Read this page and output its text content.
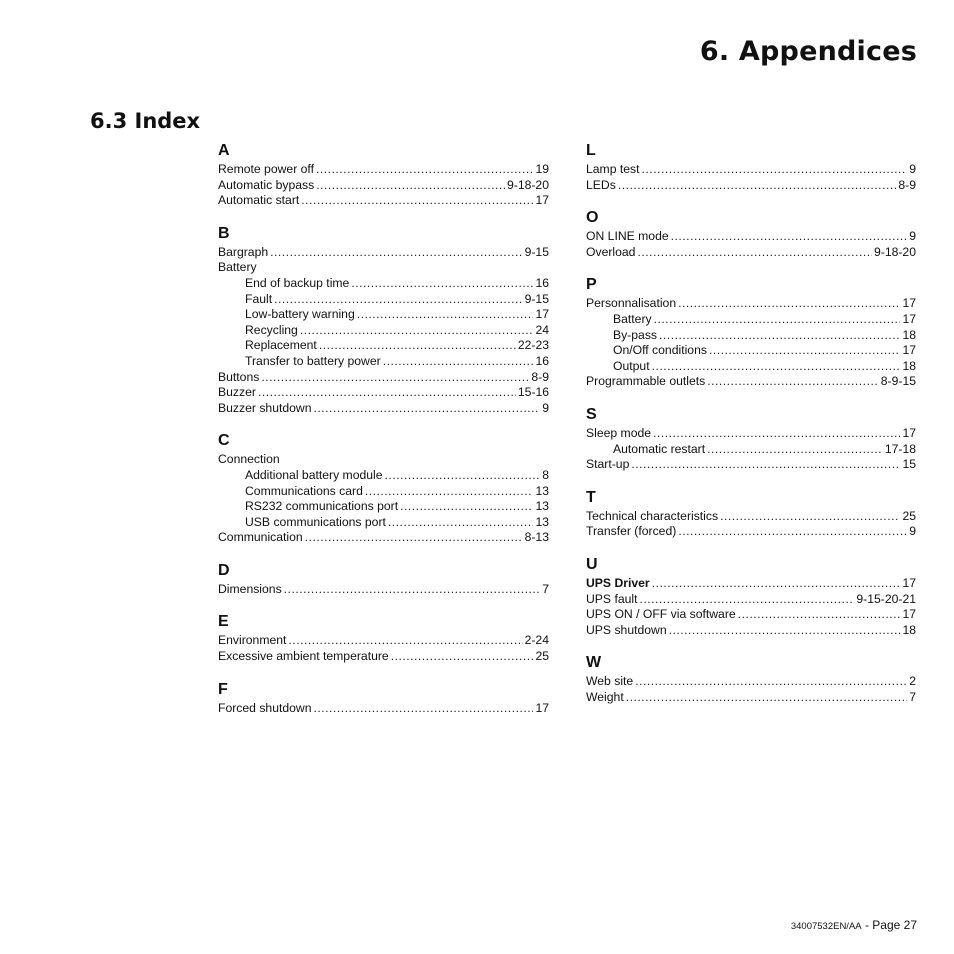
6. Appendices
6.3 Index
A
Remote power off .....	19
Automatic bypass .....	9-18-20
Automatic start .....	17
B
Bargraph .....	9-15
Battery
End of backup time .....	16
Fault .....	9-15
Low-battery warning .....	17
Recycling .....	24
Replacement .....	22-23
Transfer to battery power .....	16
Buttons .....	8-9
Buzzer .....	15-16
Buzzer shutdown .....	9
C
Connection
Additional battery module .....	8
Communications card .....	13
RS232 communications port .....	13
USB communications port .....	13
Communication .....	8-13
D
Dimensions .....	7
E
Environment .....	2-24
Excessive ambient temperature .....	25
F
Forced shutdown .....	17
L
Lamp test .....	9
LEDs .....	8-9
O
ON LINE mode .....	9
Overload .....	9-18-20
P
Personnalisation .....	17
Battery .....	17
By-pass .....	18
On/Off conditions .....	17
Output .....	18
Programmable outlets .....	8-9-15
S
Sleep mode .....	17
Automatic restart .....	17-18
Start-up .....	15
T
Technical characteristics .....	25
Transfer (forced) .....	9
U
UPS Driver .....	17
UPS fault .....	9-15-20-21
UPS ON / OFF via software .....	17
UPS shutdown .....	18
W
Web site .....	2
Weight .....	7
34007532EN/AA - Page 27
